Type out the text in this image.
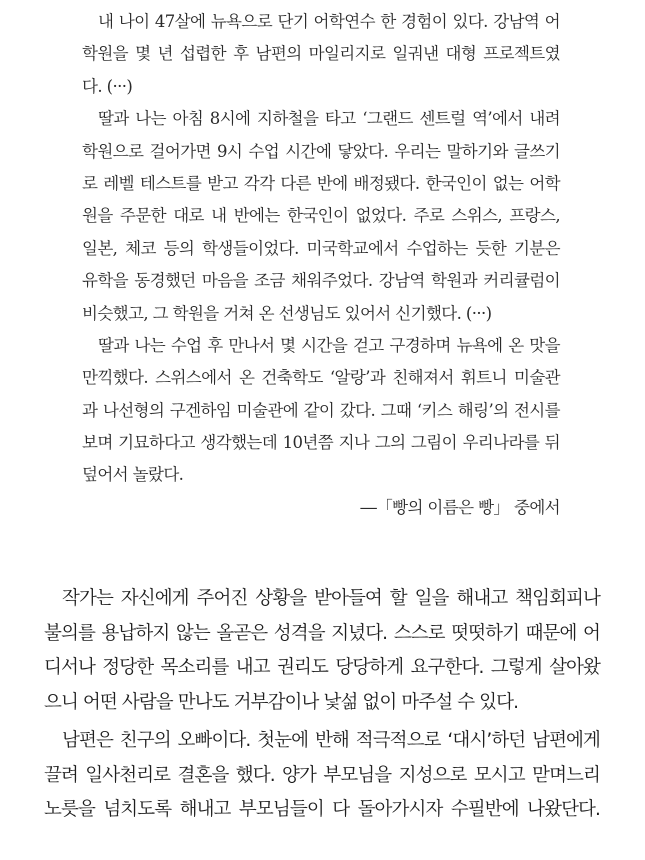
내 나이 47살에 뉴욕으로 단기 어학연수 한 경험이 있다. 강남역 어
학원을 몇 년 섭렵한 후 남편의 마일리지로 일궈낸 대형 프로젝트였
다. (···)
딸과 나는 아침 8시에 지하철을 타고 ‘그랜드 센트럴 역’에서 내려
학원으로 걸어가면 9시 수업 시간에 닿았다. 우리는 말하기와 글쓰기
로 레벨 테스트를 받고 각각 다른 반에 배정됐다. 한국인이 없는 어학
원을 주문한 대로 내 반에는 한국인이 없었다. 주로 스위스, 프랑스,
일본, 체코 등의 학생들이었다. 미국학교에서 수업하는 듯한 기분은
유학을 동경했던 마음을 조금 채워주었다. 강남역 학원과 커리큘럼이
비슷했고, 그 학원을 거쳐 온 선생님도 있어서 신기했다. (···)
딸과 나는 수업 후 만나서 몇 시간을 걷고 구경하며 뉴욕에 온 맛을
만끽했다. 스위스에서 온 건축학도 ‘알랑’과 친해져서 휘트니 미술관
과 나선형의 구겐하임 미술관에 같이 갔다. 그때 ‘키스 해링’의 전시를
보며 기묘하다고 생각했는데 10년쯤 지나 그의 그림이 우리나라를 뒤
덮어서 놀랐다.
―「빵의 이름은 빵」 중에서
작가는 자신에게 주어진 상황을 받아들여 할 일을 해내고 책임회피나
불의를 용납하지 않는 올곧은 성격을 지녔다. 스스로 떳떳하기 때문에 어
디서나 정당한 목소리를 내고 권리도 당당하게 요구한다. 그렇게 살아왔
으니 어떤 사람을 만나도 거부감이나 낯섦 없이 마주설 수 있다.
남편은 친구의 오빠이다. 첫눈에 반해 적극적으로 ‘대시’하던 남편에게
끌려 일사천리로 결혼을 했다. 양가 부모님을 지성으로 모시고 맏며느리
노릇을 넘치도록 해내고 부모님들이 다 돌아가시자 수필반에 나왔단다.
